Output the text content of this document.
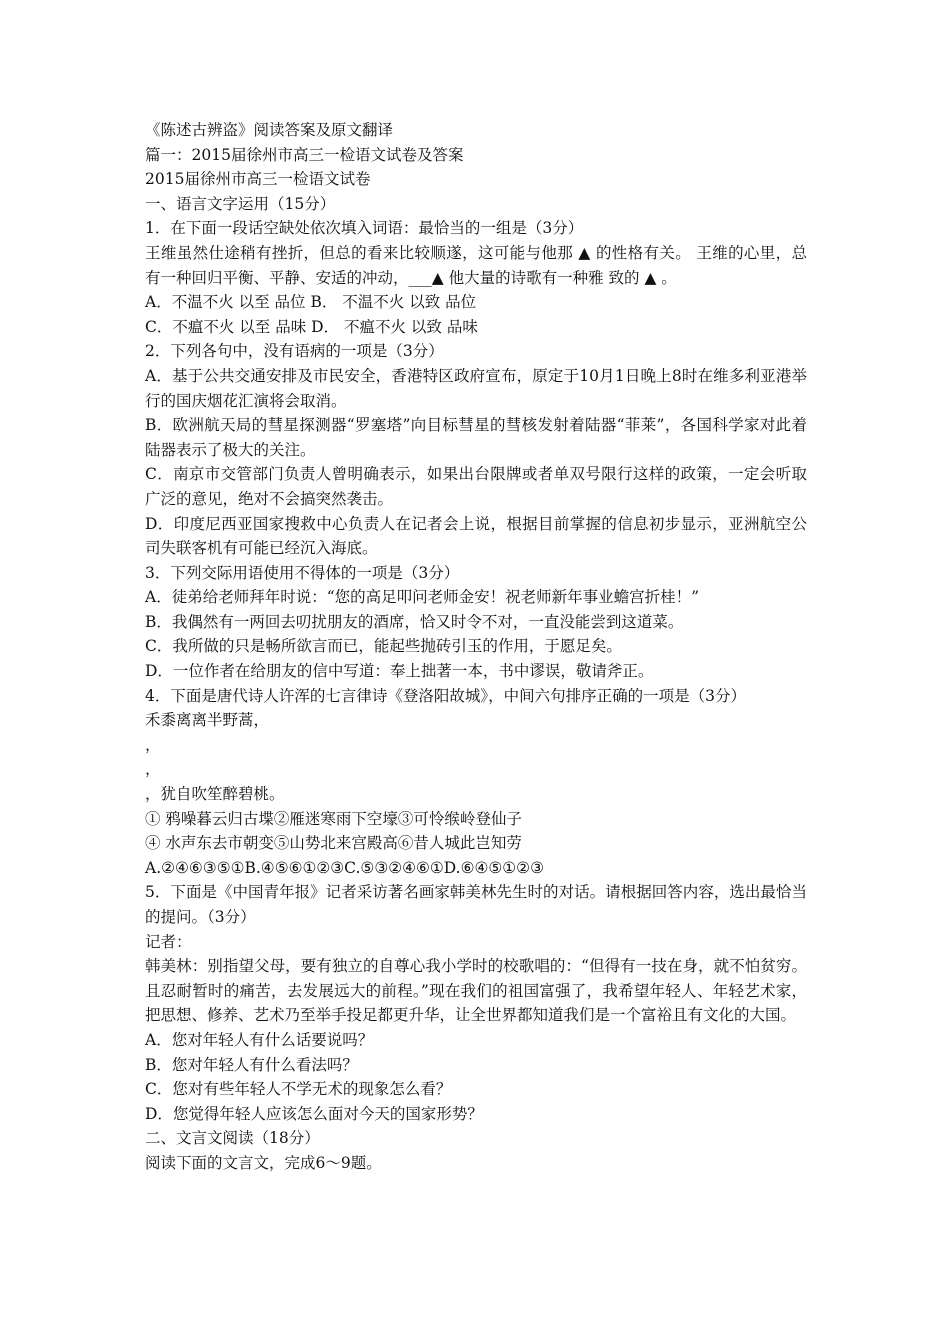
《陈述古辨盗》阅读答案及原文翻译

篇一：2015届徐州市高三一检语文试卷及答案

2015届徐州市高三一检语文试卷

一、语言文字运用（15分）

1．在下面一段话空缺处依次填入词语：最恰当的一组是（3分）

王维虽然仕途稍有挫折，但总的看来比较顺遂，这可能与他那 ▲ 的性格有关。 王维的心里，总有一种回归平衡、平静、安适的冲动，___▲ 他大量的诗歌有一种雅 致的 ▲ 。

A．不温不火 以至 品位 B． 不温不火 以致 品位

C．不瘟不火 以至 品味 D． 不瘟不火 以致 品味

2．下列各句中，没有语病的一项是（3分）

A．基于公共交通安排及市民安全，香港特区政府宣布，原定于10月1日晚上8时在维多利亚港举行的国庆烟花汇演将会取消。

B．欧洲航天局的彗星探测器“罗塞塔”向目标彗星的彗核发射着陆器“菲莱”，各国科学家对此着陆器表示了极大的关注。

C．南京市交管部门负责人曾明确表示，如果出台限牌或者单双号限行这样的政策，一定会听取广泛的意见，绝对不会搞突然袭击。

D．印度尼西亚国家搜救中心负责人在记者会上说，根据目前掌握的信息初步显示，亚洲航空公司失联客机有可能已经沉入海底。

3．下列交际用语使用不得体的一项是（3分）

A．徒弟给老师拜年时说：“您的高足叩问老师金安！祝老师新年事业蟾宫折桂！”

B．我偶然有一两回去叨扰朋友的酒席，恰又时令不对，一直没能尝到这道菜。

C．我所做的只是畅所欲言而已，能起些抛砖引玉的作用，于愿足矣。

D．一位作者在给朋友的信中写道：奉上拙著一本，书中谬误，敬请斧正。

4．下面是唐代诗人许浑的七言律诗《登洛阳故城》，中间六句排序正确的一项是（3分）

禾黍离离半野蒿，

，

，

，犹自吹笙醉碧桃。

① 鸦噪暮云归古堞②雁迷寒雨下空壕③可怜缑岭登仙子

④ 水声东去市朝变⑤山势北来宫殿高⑥昔人城此岂知劳

A.②④⑥③⑤①B.④⑤⑥①②③C.⑤③②④⑥①D.⑥④⑤①②③

5．下面是《中国青年报》记者采访著名画家韩美林先生时的对话。请根据回答内容，选出最恰当的提问。（3分）

记者：

韩美林：别指望父母，要有独立的自尊心我小学时的校歌唱的：“但得有一技在身，就不怕贫穷。且忍耐暂时的痛苦，去发展远大的前程。”现在我们的祖国富强了，我希望年轻人、年轻艺术家，把思想、修养、艺术乃至举手投足都更升华，让全世界都知道我们是一个富裕且有文化的大国。

A．您对年轻人有什么话要说吗？

B．您对年轻人有什么看法吗？

C．您对有些年轻人不学无术的现象怎么看？

D．您觉得年轻人应该怎么面对今天的国家形势？

二、文言文阅读（18分）

阅读下面的文言文，完成6～9题。
